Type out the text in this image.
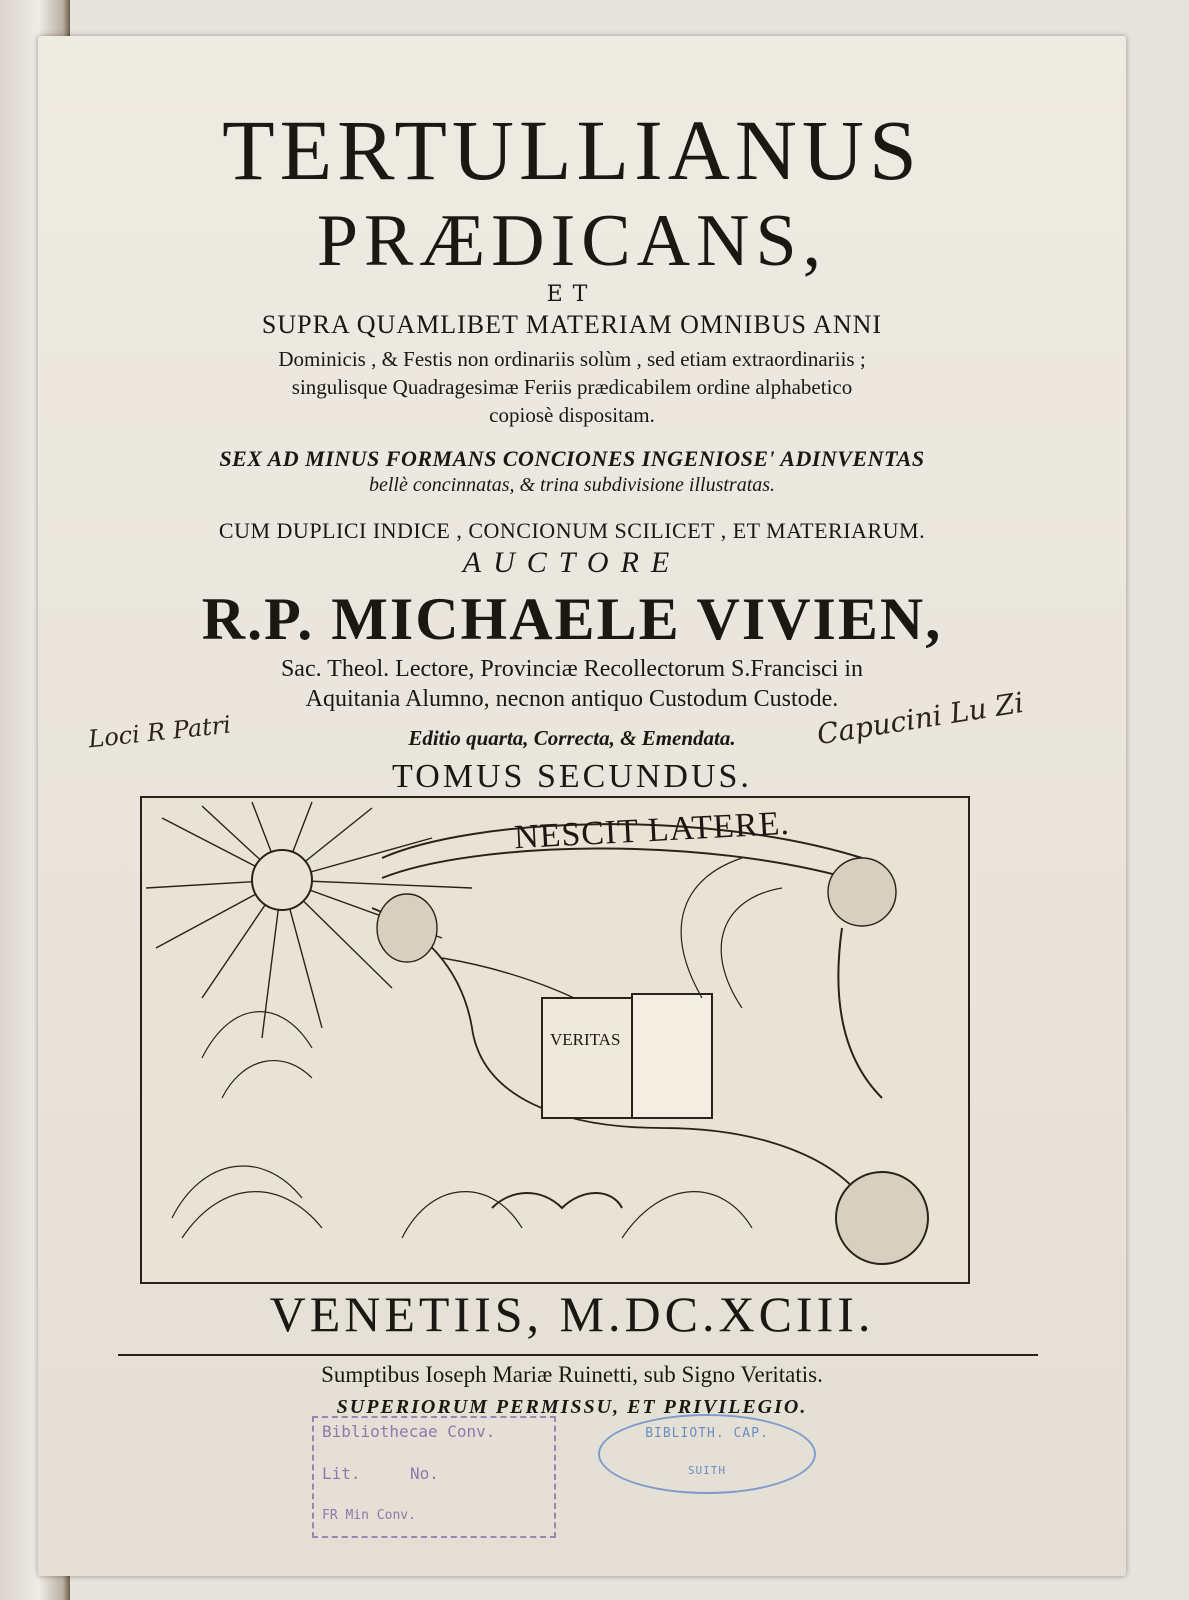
TERTULLIANUS
PRÆDICANS,
ET
SUPRA QUAMLIBET MATERIAM OMNIBUS ANNI
Dominicis , & Festis non ordinariis solùm , sed etiam extraordinariis ;
singulisque Quadragesimæ Feriis prædicabilem ordine alphabetico
copiosè dispositam.
SEX AD MINUS FORMANS CONCIONES INGENIOSE' ADINVENTAS
bellè concinnatas, & trina subdivisione illustratas.
CUM DUPLICI INDICE , CONCIONUM SCILICET , ET MATERIARUM.
AUCTORE
R.P. MICHAELE VIVIEN,
Sac. Theol. Lectore, Provinciæ Recollectorum S.Francisci in
Aquitania Alumno, necnon antiquo Custodum Custode.
Editio quarta, Correcta, & Emendata.
TOMUS SECUNDUS.
Loci R Patri	Capucini Lu Zi
NESCIT LATERE.
VERITAS
VENETIIS, M.DC.XCIII.
Sumptibus Ioseph Mariæ Ruinetti, sub Signo Veritatis.
SUPERIORUM PERMISSU, ET PRIVILEGIO.
Bibliothecae Conv.
Lit.	No.
FR Min Conv.
BIBLIOTH. CAP.
SUITH
